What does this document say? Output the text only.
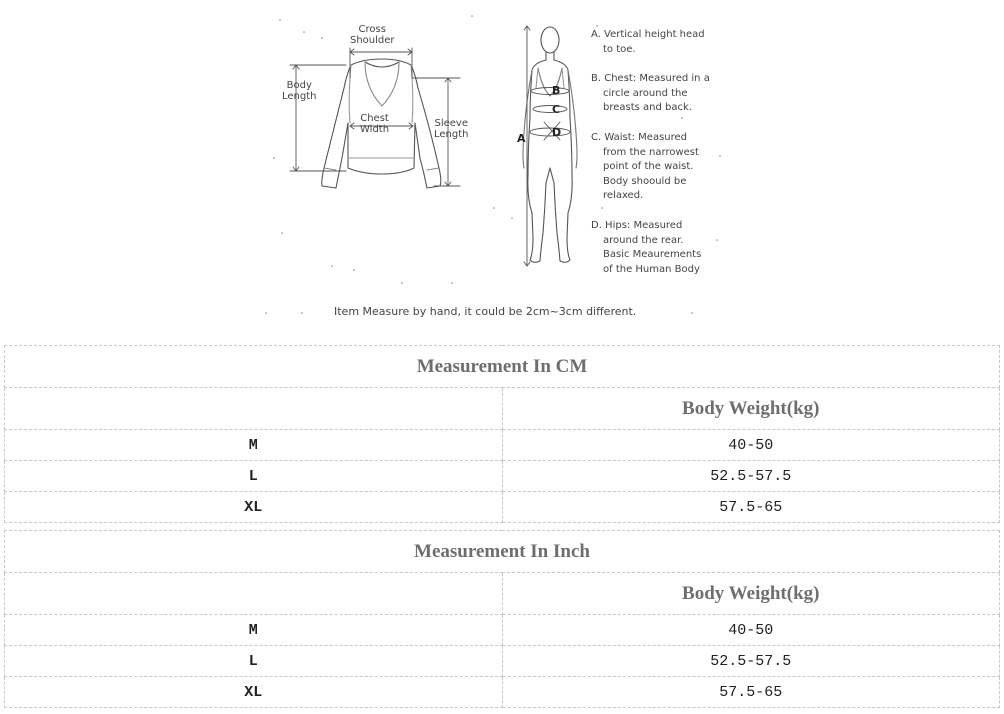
Cross
Shoulder
Body
Length
Chest
Width
Sleeve
Length	A
B
C
D
A. Vertical height head
to toe.
B. Chest: Measured in a
circle around the
breasts and back.
C. Waist: Measured
from the narrowest
point of the waist.
Body shoould be
relaxed.
D. Hips: Measured
around the rear.
Basic Meaurements
of the Human Body
Item Measure by hand, it could be 2cm~3cm different.
Measurement In CM	
	Body Weight(kg)
M	40-50
L	52.5-57.5
XL	57.5-65
Measurement In Inch	
	Body Weight(kg)
M	40-50
L	52.5-57.5
XL	57.5-65
